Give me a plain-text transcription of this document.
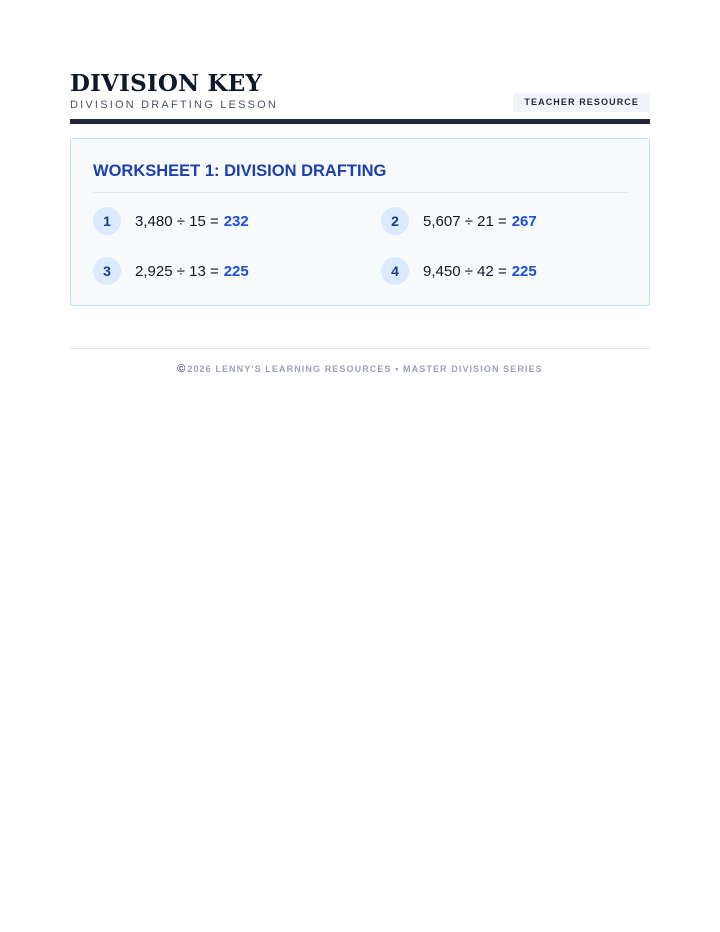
DIVISION KEY
DIVISION DRAFTING LESSON	TEACHER RESOURCE
WORKSHEET 1: DIVISION DRAFTING
1	3,480 ÷ 15 = 232	2	5,607 ÷ 21 = 267
3	2,925 ÷ 13 = 225	4	9,450 ÷ 42 = 225
© 2026 LENNY'S LEARNING RESOURCES • MASTER DIVISION SERIES
